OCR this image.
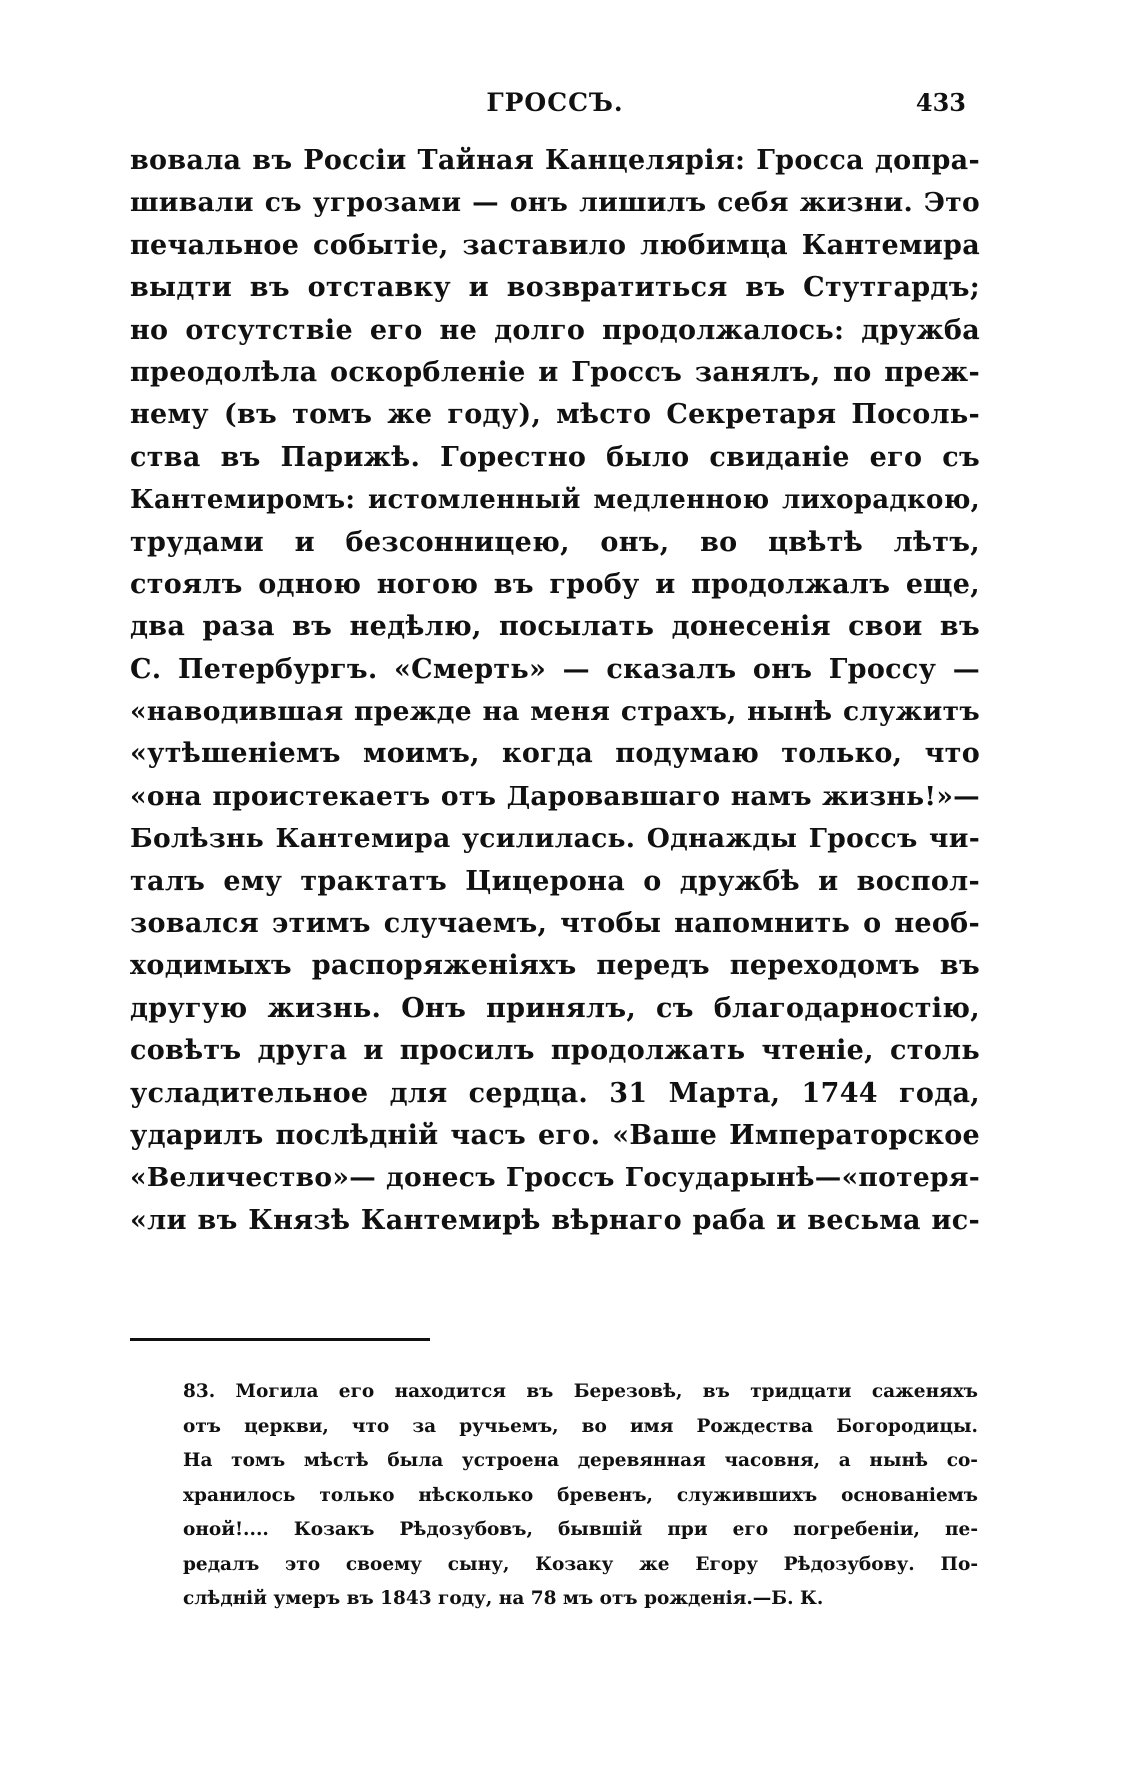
ГРОССЪ.	433
вовала въ Россіи Тайная Канцелярія: Гросса допра-
шивали съ угрозами — онъ лишилъ себя жизни. Это
печальное событіе, заставило любимца Кантемира
выдти въ отставку и возвратиться въ Стутгардъ;
но отсутствіе его не долго продолжалось: дружба
преодолѣла оскорбленіе и Гроссъ занялъ, по преж-
нему (въ томъ же году), мѣсто Секретаря Посоль-
ства въ Парижѣ. Горестно было свиданіе его съ
Кантемиромъ: истомленный медленною лихорадкою,
трудами и безсонницею, онъ, во цвѣтѣ лѣтъ,
стоялъ одною ногою въ гробу и продолжалъ еще,
два раза въ недѣлю, посылать донесенія свои въ
С. Петербургъ. «Смерть» — сказалъ онъ Гроссу —
«наводившая прежде на меня страхъ, нынѣ служитъ
«утѣшеніемъ моимъ, когда подумаю только, что
«она проистекаетъ отъ Даровавшаго намъ жизнь!»—
Болѣзнь Кантемира усилилась. Однажды Гроссъ чи-
талъ ему трактатъ Цицерона о дружбѣ и воспол-
зовался этимъ случаемъ, чтобы напомнить о необ-
ходимыхъ распоряженіяхъ передъ переходомъ въ
другую жизнь. Онъ принялъ, съ благодарностію,
совѣтъ друга и просилъ продолжать чтеніе, столь
усладительное для сердца. 31 Марта, 1744 года,
ударилъ послѣдній часъ его. «Ваше Императорское
«Величество»— донесъ Гроссъ Государынѣ—«потеря-
«ли въ Князѣ Кантемирѣ вѣрнаго раба и весьма ис-
83. Могила его находится въ Березовѣ, въ тридцати саженяхъ
отъ церкви, что за ручьемъ, во имя Рождества Богородицы.
На томъ мѣстѣ была устроена деревянная часовня, а нынѣ со-
хранилось только нѣсколько бревенъ, служившихъ основаніемъ
оной!.... Козакъ Рѣдозубовъ, бывшій при его погребеніи, пе-
редалъ это своему сыну, Козаку же Егору Рѣдозубову. По-
слѣдній умеръ въ 1843 году, на 78 мъ отъ рожденія.—Б. К.
